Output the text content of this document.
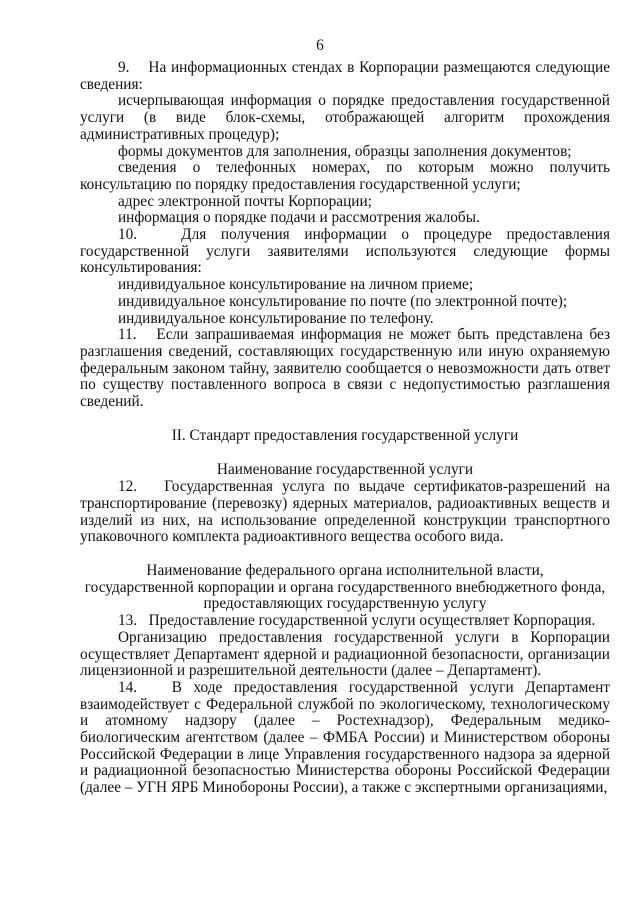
6

9.    На информационных стендах в Корпорации размещаются следующие сведения:

исчерпывающая информация о порядке предоставления государственной услуги (в виде блок-схемы, отображающей алгоритм прохождения административных процедур);

формы документов для заполнения, образцы заполнения документов;

сведения о телефонных номерах, по которым можно получить консультацию по порядку предоставления государственной услуги;

адрес электронной почты Корпорации;

информация о порядке подачи и рассмотрения жалобы.

10.   Для получения информации о процедуре предоставления государственной услуги заявителями используются следующие формы консультирования:

индивидуальное консультирование на личном приеме;

индивидуальное консультирование по почте (по электронной почте);

индивидуальное консультирование по телефону.

11.   Если запрашиваемая информация не может быть представлена без разглашения сведений, составляющих государственную или иную охраняемую федеральным законом тайну, заявителю сообщается о невозможности дать ответ по существу поставленного вопроса в связи с недопустимостью разглашения сведений.

II. Стандарт предоставления государственной услуги

Наименование государственной услуги

12.   Государственная услуга по выдаче сертификатов-разрешений на транспортирование (перевозку) ядерных материалов, радиоактивных веществ и изделий из них, на использование определенной конструкции транспортного упаковочного комплекта радиоактивного вещества особого вида.

Наименование федерального органа исполнительной власти,

государственной корпорации и органа государственного внебюджетного фонда,

предоставляющих государственную услугу

13.   Предоставление государственной услуги осуществляет Корпорация.

Организацию предоставления государственной услуги в Корпорации осуществляет Департамент ядерной и радиационной безопасности, организации лицензионной и разрешительной деятельности (далее – Департамент).

14.   В ходе предоставления государственной услуги Департамент взаимодействует с Федеральной службой по экологическому, технологическому и атомному надзору (далее – Ростехнадзор), Федеральным медико-биологическим агентством (далее – ФМБА России) и Министерством обороны Российской Федерации в лице Управления государственного надзора за ядерной и радиационной безопасностью Министерства обороны Российской Федерации (далее – УГН ЯРБ Минобороны России), а также с экспертными организациями,
